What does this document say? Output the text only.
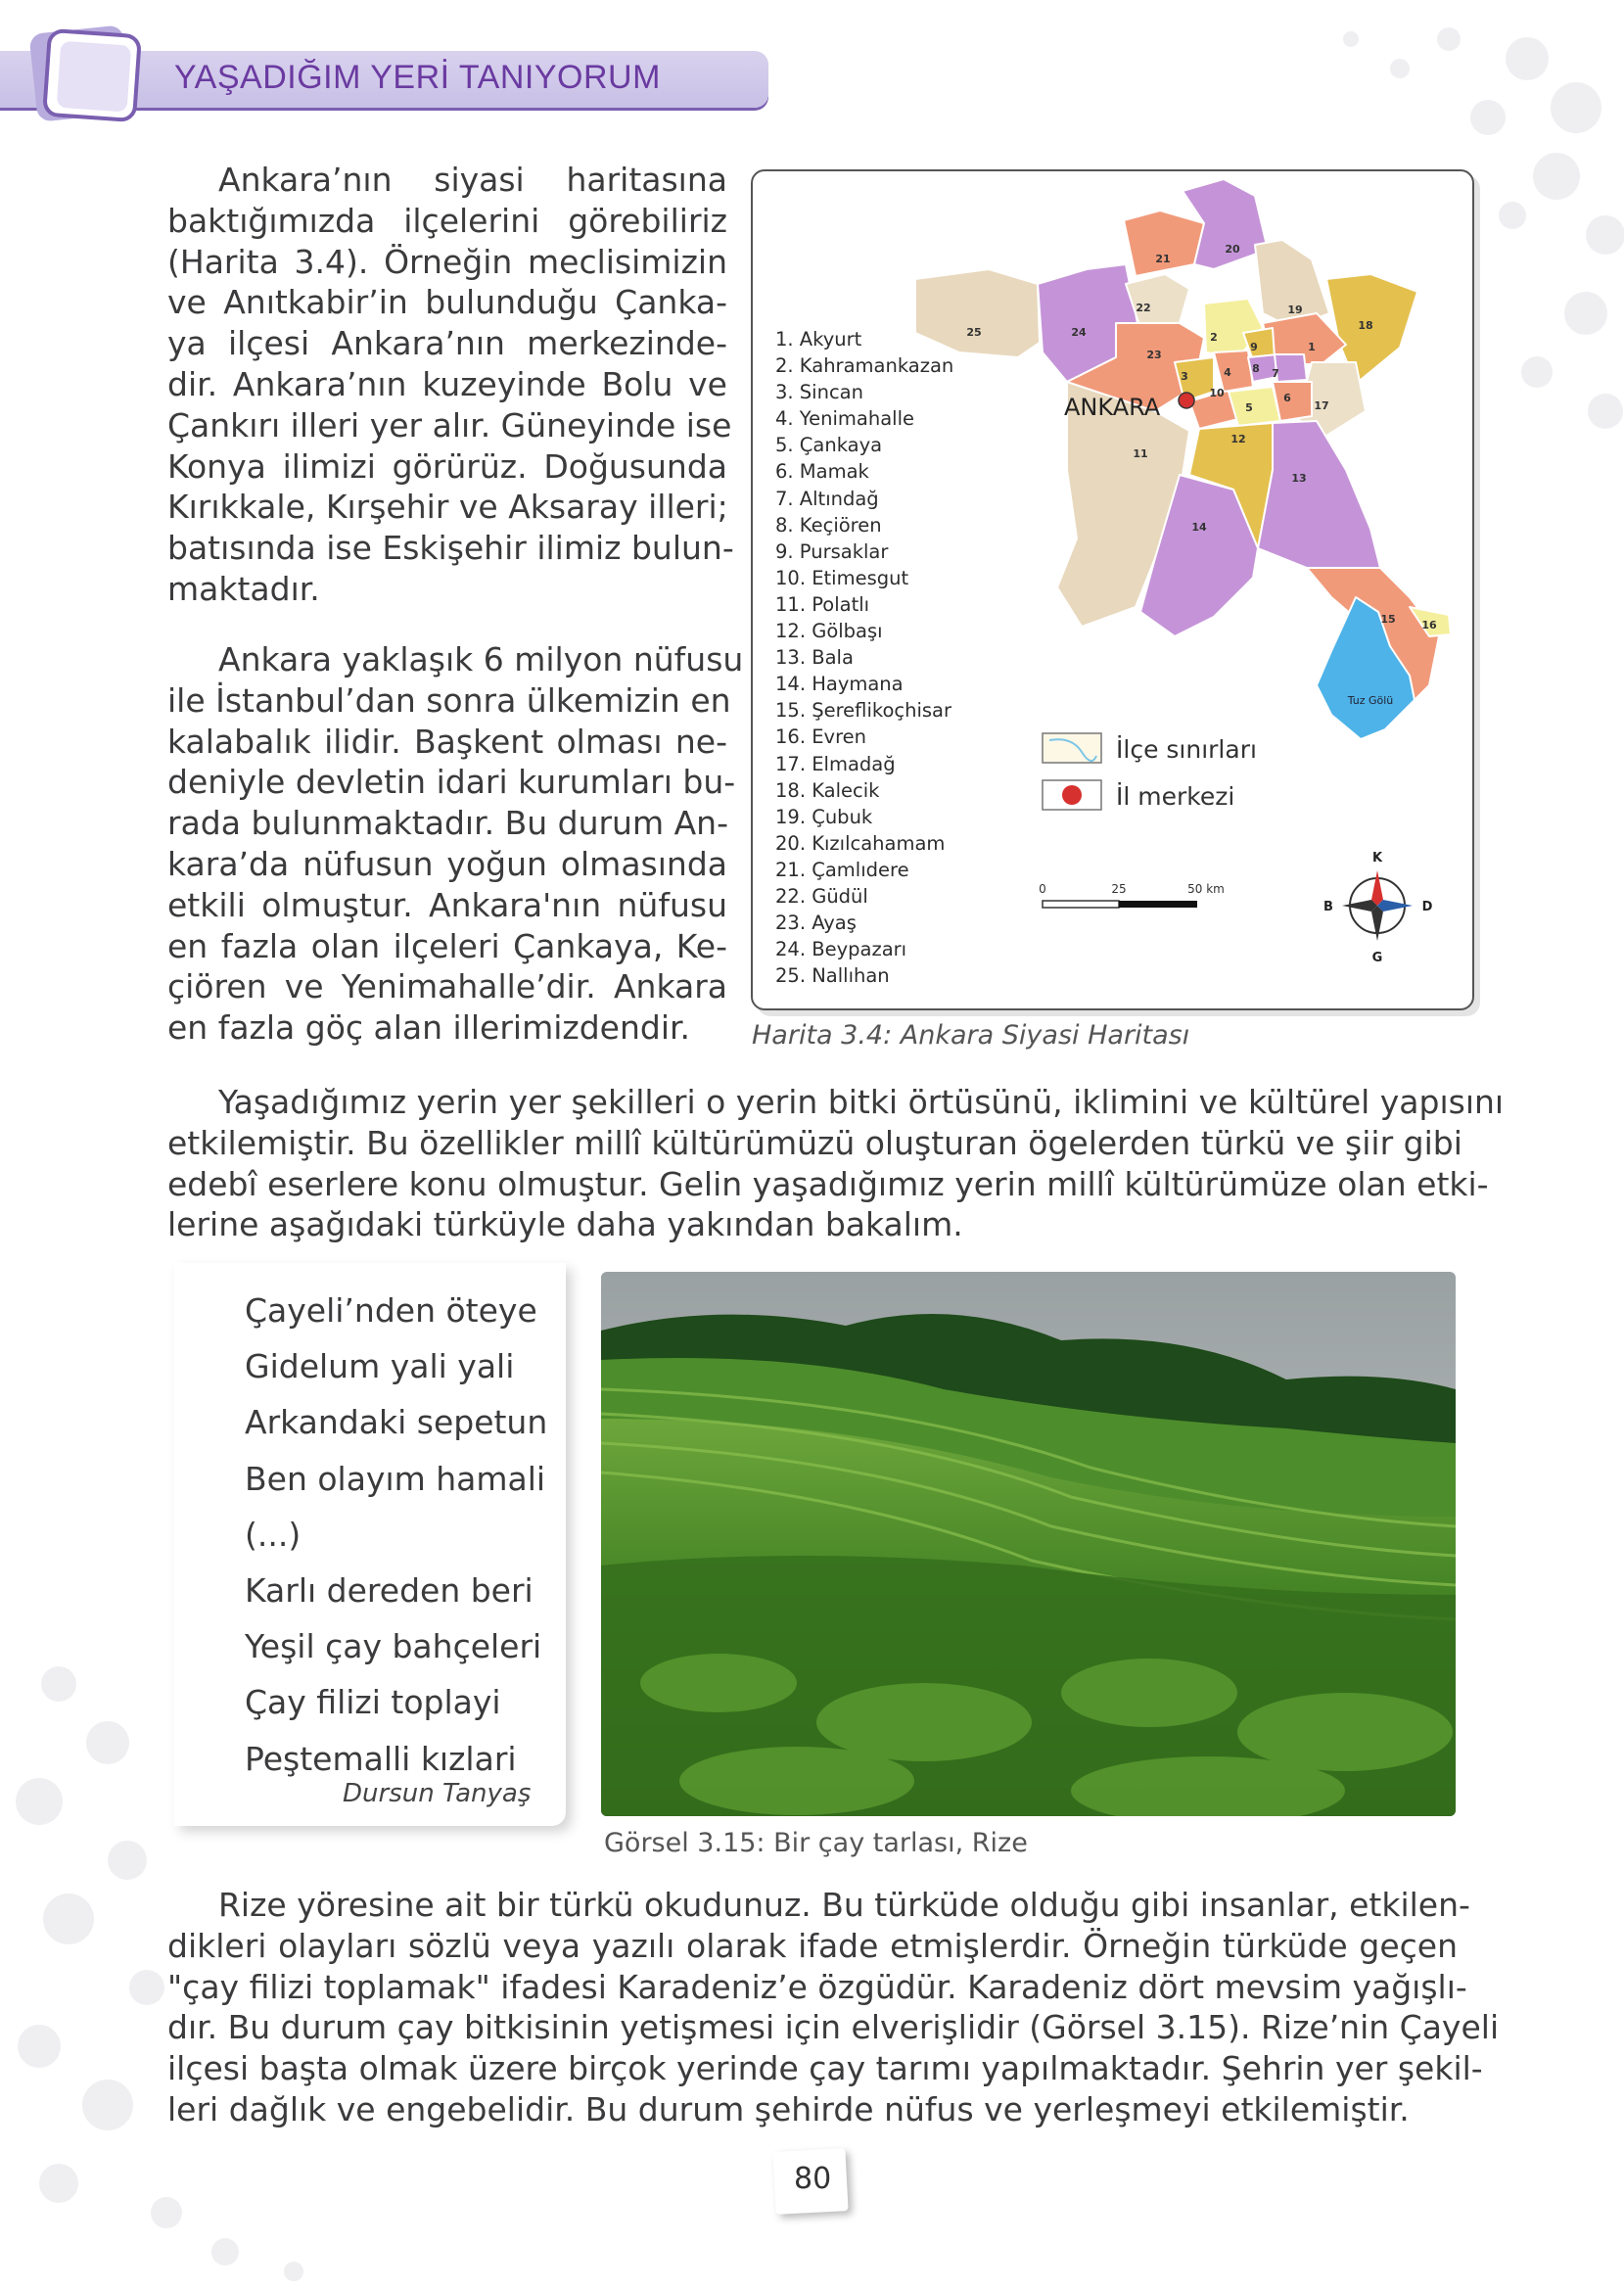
YAŞADIĞIM YERİ TANIYORUM
Ankara’nın siyasi haritasına
baktığımızda ilçelerini görebiliriz
(Harita 3.4). Örneğin meclisimizin
ve Anıtkabir’in bulunduğu Çanka-
ya ilçesi Ankara’nın merkezinde-
dir. Ankara’nın kuzeyinde Bolu ve
Çankırı illeri yer alır. Güneyinde ise
Konya ilimizi görürüz. Doğusunda
Kırıkkale, Kırşehir ve Aksaray illeri;
batısında ise Eskişehir ilimiz bulun-
maktadır.
Ankara yaklaşık 6 milyon nüfusu
ile İstanbul’dan sonra ülkemizin en
kalabalık ilidir. Başkent olması ne-
deniyle devletin idari kurumları bu-
rada bulunmaktadır. Bu durum An-
kara’da nüfusun yoğun olmasında
etkili olmuştur. Ankara'nın nüfusu
en fazla olan ilçeleri Çankaya, Ke-
çiören ve Yenimahalle’dir. Ankara
en fazla göç alan illerimizdendir.
1. Akyurt
2. Kahramankazan
3. Sincan
4. Yenimahalle
5. Çankaya
6. Mamak
7. Altındağ
8. Keçiören
9. Pursaklar
10. Etimesgut
11. Polatlı
12. Gölbaşı
13. Bala
14. Haymana
15. Şereflikoçhisar
16. Evren
17. Elmadağ
18. Kalecik
19. Çubuk
20. Kızılcahamam
21. Çamlıdere
22. Güdül
23. Ayaş
24. Beypazarı
25. Nallıhan
1
2
3	4
5
6
7
8
9
10
11
12
13
14
15 16
17
18
19
20
21
22
23
24
25
Tuz Gölü
ANKARA
İlçe sınırları
İl merkezi
0	25	50 km
K
G
B	D
Harita 3.4: Ankara Siyasi Haritası
Yaşadığımız yerin yer şekilleri o yerin bitki örtüsünü, iklimini ve kültürel yapısını
etkilemiştir. Bu özellikler millî kültürümüzü oluşturan ögelerden türkü ve şiir gibi
edebî eserlere konu olmuştur. Gelin yaşadığımız yerin millî kültürümüze olan etki-
lerine aşağıdaki türküyle daha yakından bakalım.
Çayeli’nden öteye
Gidelum yali yali
Arkandaki sepetun
Ben olayım hamali
(...)
Karlı dereden beri
Yeşil çay bahçeleri
Çay filizi toplayi
Peştemalli kızlari
Dursun Tanyaş
Görsel 3.15: Bir çay tarlası, Rize
Rize yöresine ait bir türkü okudunuz. Bu türküde olduğu gibi insanlar, etkilen-
dikleri olayları sözlü veya yazılı olarak ifade etmişlerdir. Örneğin türküde geçen
"çay filizi toplamak" ifadesi Karadeniz’e özgüdür. Karadeniz dört mevsim yağışlı-
dır. Bu durum çay bitkisinin yetişmesi için elverişlidir (Görsel 3.15). Rize’nin Çayeli
ilçesi başta olmak üzere birçok yerinde çay tarımı yapılmaktadır. Şehrin yer şekil-
leri dağlık ve engebelidir. Bu durum şehirde nüfus ve yerleşmeyi etkilemiştir.
80
